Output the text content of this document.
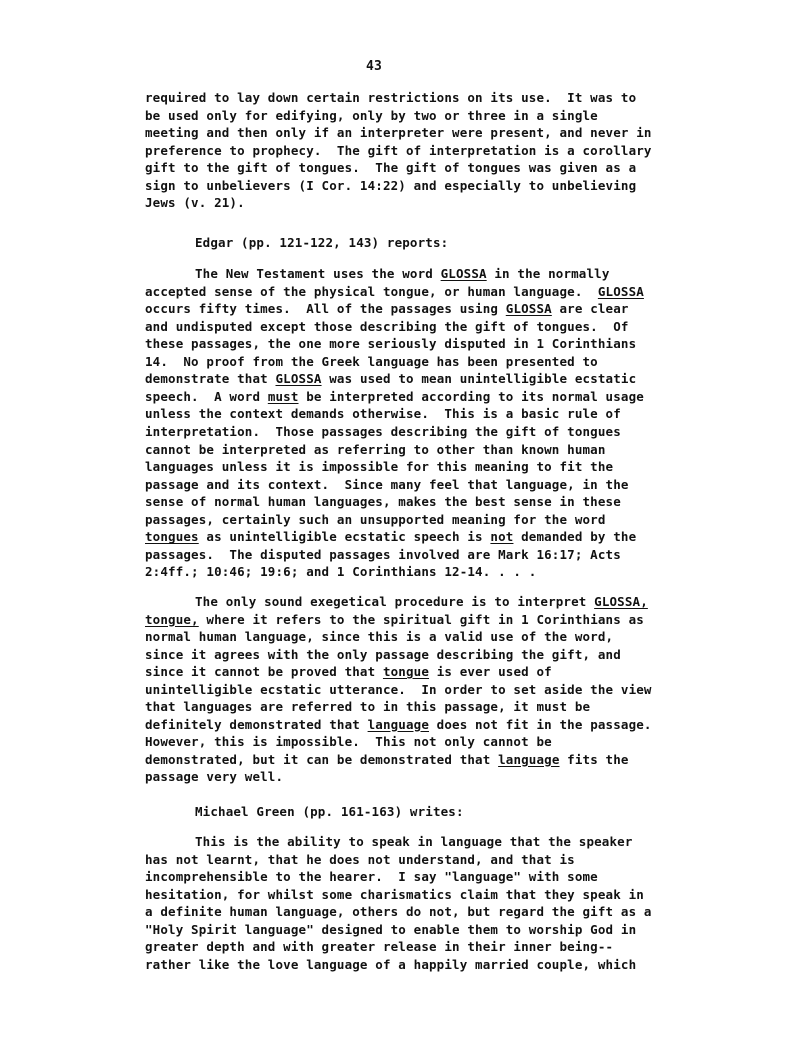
43
required to lay down certain restrictions on its use.  It was to
be used only for edifying, only by two or three in a single
meeting and then only if an interpreter were present, and never in
preference to prophecy.  The gift of interpretation is a corollary
gift to the gift of tongues.  The gift of tongues was given as a
sign to unbelievers (I Cor. 14:22) and especially to unbelieving
Jews (v. 21).
Edgar (pp. 121-122, 143) reports:
The New Testament uses the word GLOSSA in the normally
accepted sense of the physical tongue, or human language.  GLOSSA
occurs fifty times.  All of the passages using GLOSSA are clear
and undisputed except those describing the gift of tongues.  Of
these passages, the one more seriously disputed in 1 Corinthians
14.  No proof from the Greek language has been presented to
demonstrate that GLOSSA was used to mean unintelligible ecstatic
speech.  A word must be interpreted according to its normal usage
unless the context demands otherwise.  This is a basic rule of
interpretation.  Those passages describing the gift of tongues
cannot be interpreted as referring to other than known human
languages unless it is impossible for this meaning to fit the
passage and its context.  Since many feel that language, in the
sense of normal human languages, makes the best sense in these
passages, certainly such an unsupported meaning for the word
tongues as unintelligible ecstatic speech is not demanded by the
passages.  The disputed passages involved are Mark 16:17; Acts
2:4ff.; 10:46; 19:6; and 1 Corinthians 12-14. . . .
The only sound exegetical procedure is to interpret GLOSSA,
tongue, where it refers to the spiritual gift in 1 Corinthians as
normal human language, since this is a valid use of the word,
since it agrees with the only passage describing the gift, and
since it cannot be proved that tongue is ever used of
unintelligible ecstatic utterance.  In order to set aside the view
that languages are referred to in this passage, it must be
definitely demonstrated that language does not fit in the passage.
However, this is impossible.  This not only cannot be
demonstrated, but it can be demonstrated that language fits the
passage very well.
Michael Green (pp. 161-163) writes:
This is the ability to speak in language that the speaker
has not learnt, that he does not understand, and that is
incomprehensible to the hearer.  I say "language" with some
hesitation, for whilst some charismatics claim that they speak in
a definite human language, others do not, but regard the gift as a
"Holy Spirit language" designed to enable them to worship God in
greater depth and with greater release in their inner being--
rather like the love language of a happily married couple, which
